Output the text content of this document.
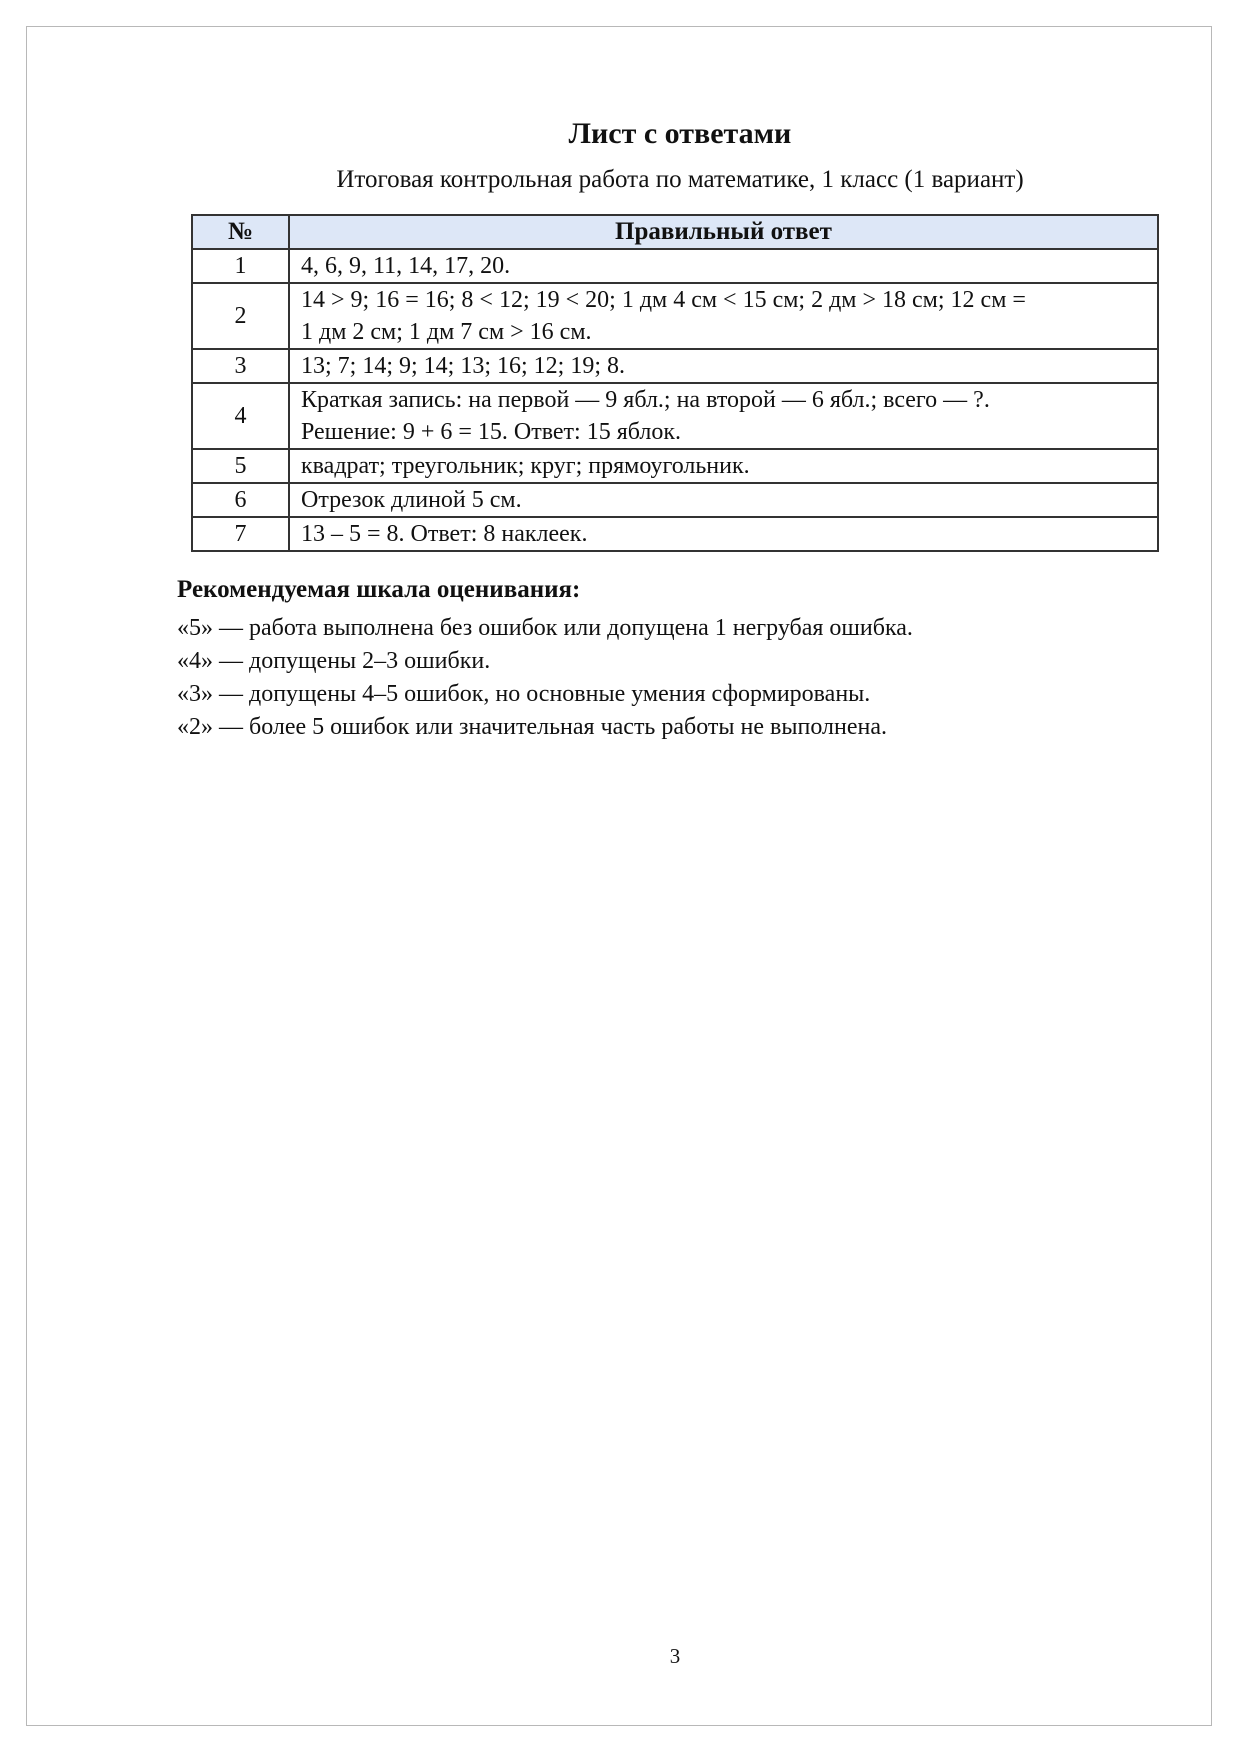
Лист с ответами
Итоговая контрольная работа по математике, 1 класс (1 вариант)
№	Правильный ответ
1	4, 6, 9, 11, 14, 17, 20.
2	14 > 9; 16 = 16; 8 < 12; 19 < 20; 1 дм 4 см < 15 см; 2 дм > 18 см; 12 см =
1 дм 2 см; 1 дм 7 см > 16 см.
3	13; 7; 14; 9; 14; 13; 16; 12; 19; 8.
4	Краткая запись: на первой — 9 ябл.; на второй — 6 ябл.; всего — ?.
Решение: 9 + 6 = 15. Ответ: 15 яблок.
5	квадрат; треугольник; круг; прямоугольник.
6	Отрезок длиной 5 см.
7	13 – 5 = 8. Ответ: 8 наклеек.
Рекомендуемая шкала оценивания:
«5» — работа выполнена без ошибок или допущена 1 негрубая ошибка.
«4» — допущены 2–3 ошибки.
«3» — допущены 4–5 ошибок, но основные умения сформированы.
«2» — более 5 ошибок или значительная часть работы не выполнена.
3
